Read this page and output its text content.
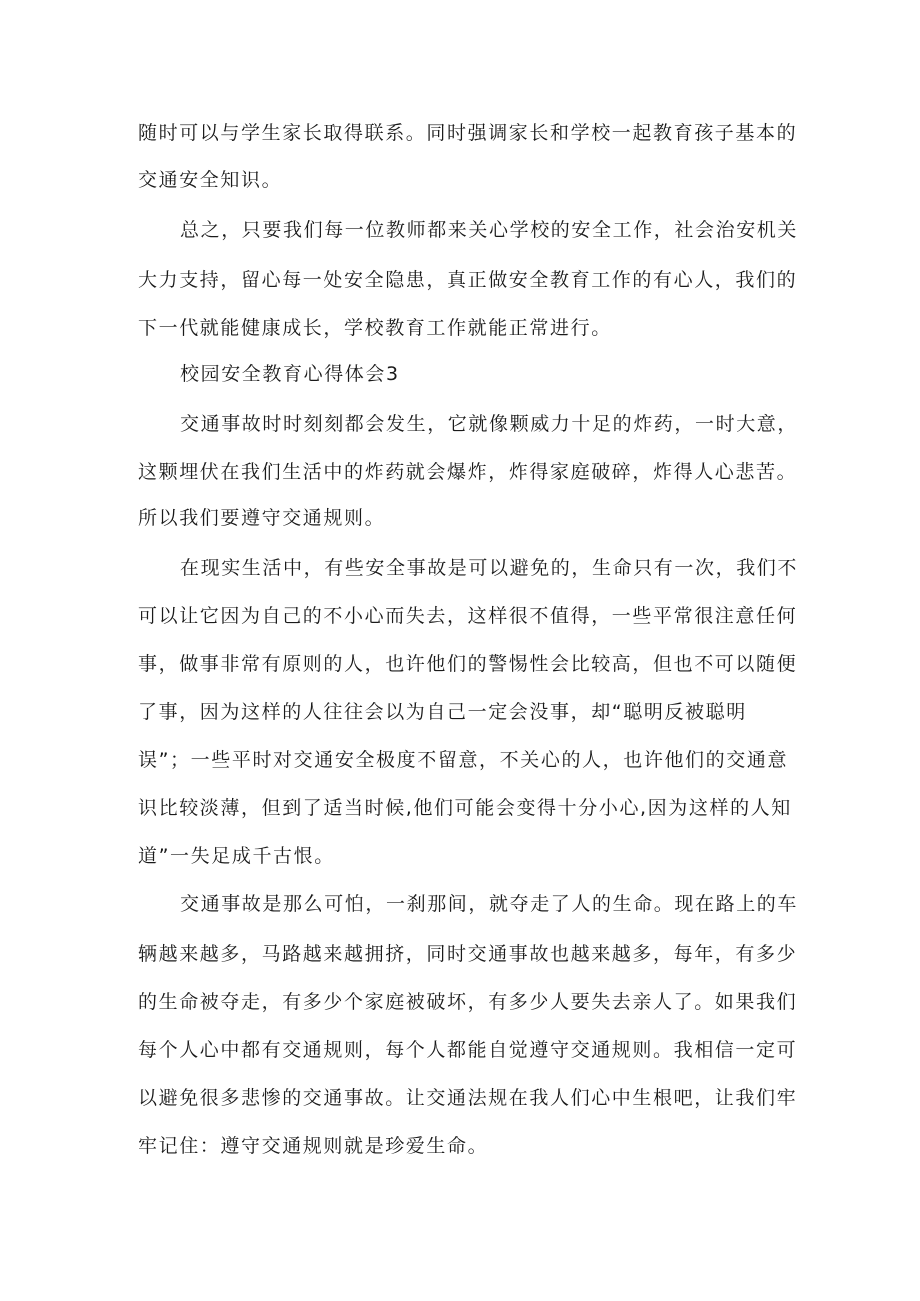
随时可以与学生家长取得联系。同时强调家长和学校一起教育孩子基本的
交通安全知识。
总之，只要我们每一位教师都来关心学校的安全工作，社会治安机关
大力支持，留心每一处安全隐患，真正做安全教育工作的有心人，我们的
下一代就能健康成长，学校教育工作就能正常进行。
校园安全教育心得体会3
交通事故时时刻刻都会发生，它就像颗威力十足的炸药，一时大意，
这颗埋伏在我们生活中的炸药就会爆炸，炸得家庭破碎，炸得人心悲苦。
所以我们要遵守交通规则。
在现实生活中，有些安全事故是可以避免的，生命只有一次，我们不
可以让它因为自己的不小心而失去，这样很不值得，一些平常很注意任何
事，做事非常有原则的人，也许他们的警惕性会比较高，但也不可以随便
了事，因为这样的人往往会以为自己一定会没事，却“聪明反被聪明
误”；一些平时对交通安全极度不留意，不关心的人，也许他们的交通意
识比较淡薄，但到了适当时候,他们可能会变得十分小心,因为这样的人知
道”一失足成千古恨。
交通事故是那么可怕，一刹那间，就夺走了人的生命。现在路上的车
辆越来越多，马路越来越拥挤，同时交通事故也越来越多，每年，有多少
的生命被夺走，有多少个家庭被破坏，有多少人要失去亲人了。如果我们
每个人心中都有交通规则，每个人都能自觉遵守交通规则。我相信一定可
以避免很多悲惨的交通事故。让交通法规在我人们心中生根吧，让我们牢
牢记住：遵守交通规则就是珍爱生命。
